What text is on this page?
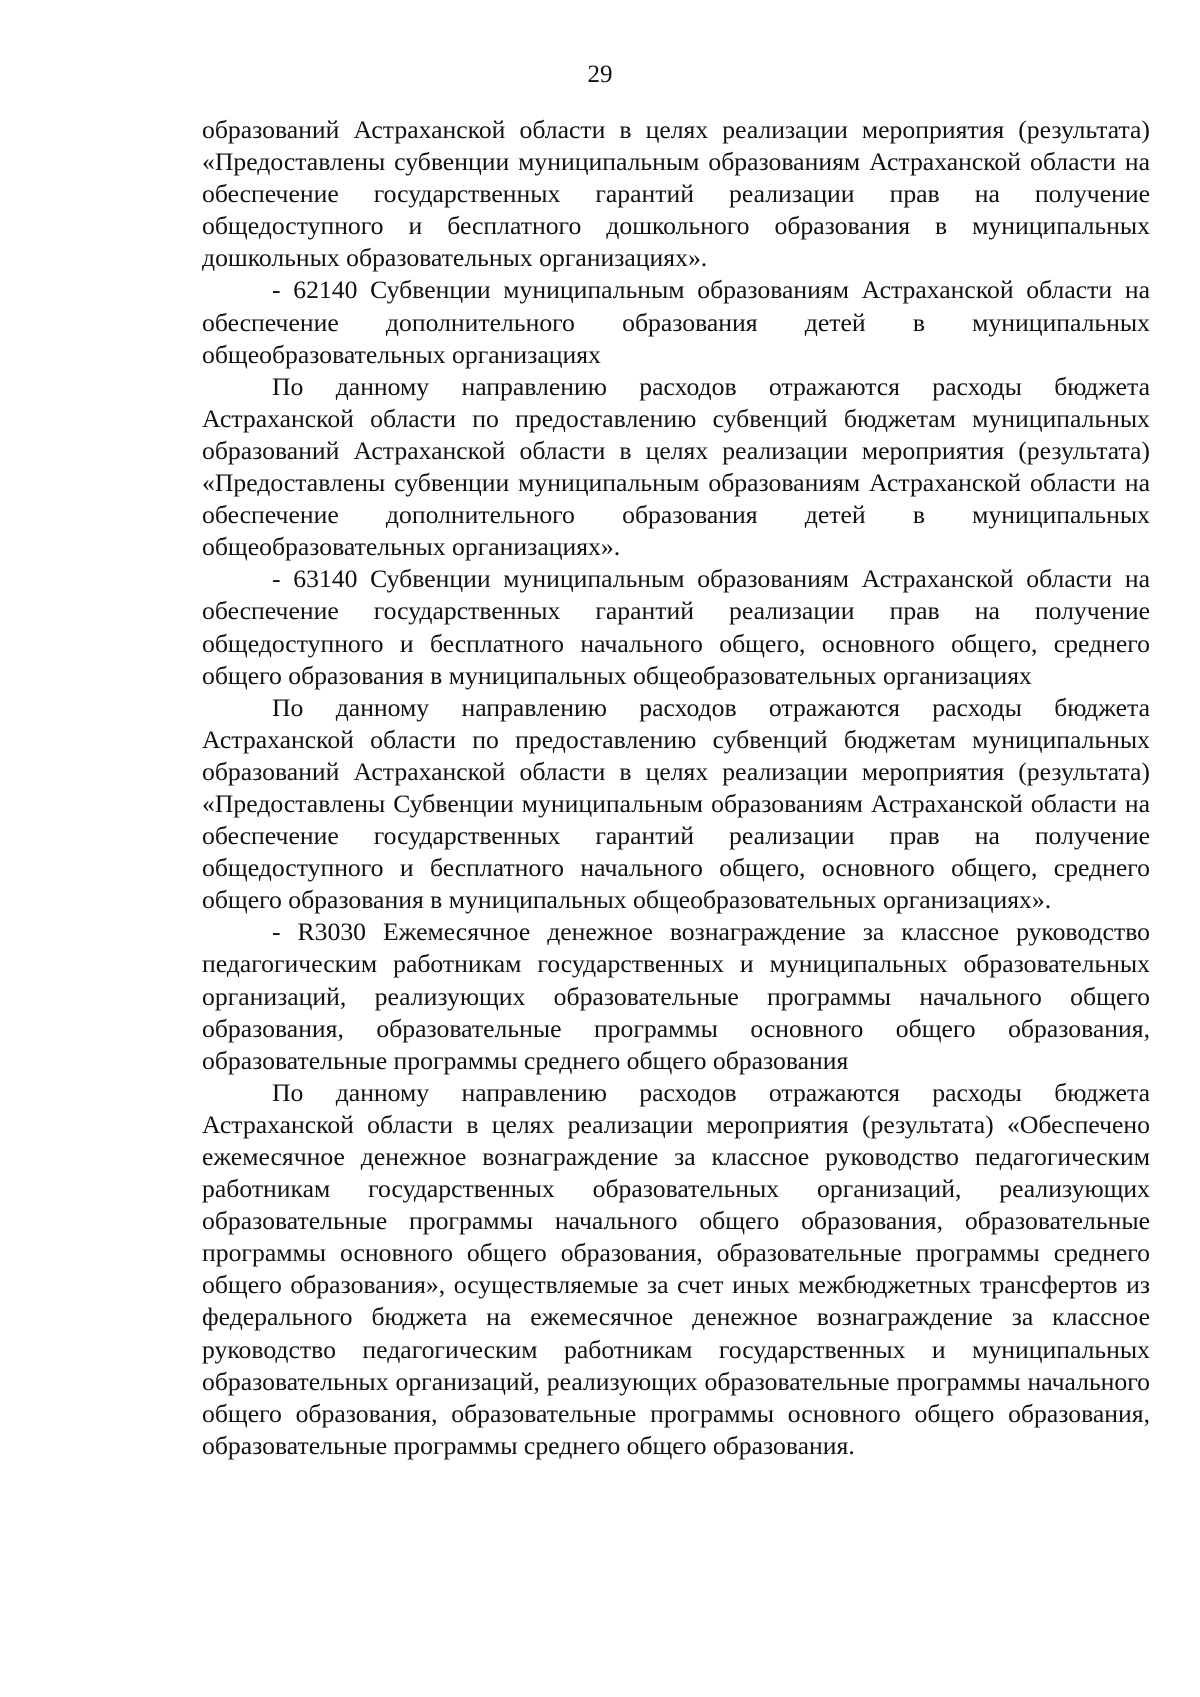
29

образований Астраханской области в целях реализации мероприятия (результата) «Предоставлены субвенции муниципальным образованиям Астраханской области на обеспечение государственных гарантий реализации прав на получение общедоступного и бесплатного дошкольного образования в муниципальных дошкольных образовательных организациях».

- 62140 Субвенции муниципальным образованиям Астраханской области на обеспечение дополнительного образования детей в муниципальных общеобразовательных организациях

По данному направлению расходов отражаются расходы бюджета Астраханской области по предоставлению субвенций бюджетам муниципальных образований Астраханской области в целях реализации мероприятия (результата) «Предоставлены субвенции муниципальным образованиям Астраханской области на обеспечение дополнительного образования детей в муниципальных общеобразовательных организациях».

- 63140 Субвенции муниципальным образованиям Астраханской области на обеспечение государственных гарантий реализации прав на получение общедоступного и бесплатного начального общего, основного общего, среднего общего образования в муниципальных общеобразовательных организациях

По данному направлению расходов отражаются расходы бюджета Астраханской области по предоставлению субвенций бюджетам муниципальных образований Астраханской области в целях реализации мероприятия (результата) «Предоставлены Субвенции муниципальным образованиям Астраханской области на обеспечение государственных гарантий реализации прав на получение общедоступного и бесплатного начального общего, основного общего, среднего общего образования в муниципальных общеобразовательных организациях».

- R3030 Ежемесячное денежное вознаграждение за классное руководство педагогическим работникам государственных и муниципальных образовательных организаций, реализующих образовательные программы начального общего образования, образовательные программы основного общего образования, образовательные программы среднего общего образования

По данному направлению расходов отражаются расходы бюджета Астраханской области в целях реализации мероприятия (результата) «Обеспечено ежемесячное денежное вознаграждение за классное руководство педагогическим работникам государственных образовательных организаций, реализующих образовательные программы начального общего образования, образовательные программы основного общего образования, образовательные программы среднего общего образования», осуществляемые за счет иных межбюджетных трансфертов из федерального бюджета на ежемесячное денежное вознаграждение за классное руководство педагогическим работникам государственных и муниципальных образовательных организаций, реализующих образовательные программы начального общего образования, образовательные программы основного общего образования, образовательные программы среднего общего образования.
